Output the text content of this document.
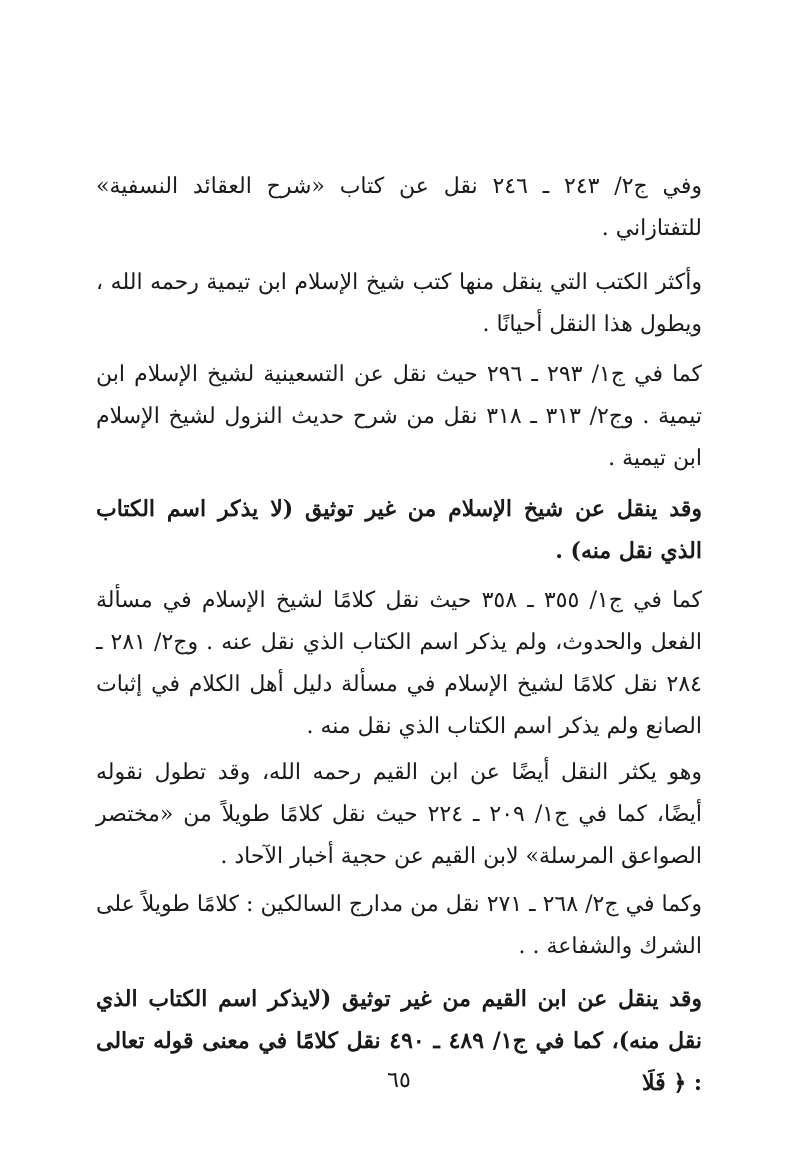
وفي ج٢/ ٢٤٣ ـ ٢٤٦ نقل عن كتاب «شرح العقائد النسفية» للتفتازاني .

وأكثر الكتب التي ينقل منها كتب شيخ الإسلام ابن تيمية رحمه الله ، ويطول هذا النقل أحيانًا .

كما في ج١/ ٢٩٣ ـ ٢٩٦ حيث نقل عن التسعينية لشيخ الإسلام ابن تيمية . وج٢/ ٣١٣ ـ ٣١٨ نقل من شرح حديث النزول لشيخ الإسلام ابن تيمية .

وقد ينقل عن شيخ الإسلام من غير توثيق (لا يذكر اسم الكتاب الذي نقل منه) .

كما في ج١/ ٣٥٥ ـ ٣٥٨ حيث نقل كلامًا لشيخ الإسلام في مسألة الفعل والحدوث، ولم يذكر اسم الكتاب الذي نقل عنه . وج٢/ ٢٨١ ـ ٢٨٤ نقل كلامًا لشيخ الإسلام في مسألة دليل أهل الكلام في إثبات الصانع ولم يذكر اسم الكتاب الذي نقل منه .

وهو يكثر النقل أيضًا عن ابن القيم رحمه الله، وقد تطول نقوله أيضًا، كما في ج١/ ٢٠٩ ـ ٢٢٤ حيث نقل كلامًا طويلاً من «مختصر الصواعق المرسلة» لابن القيم عن حجية أخبار الآحاد .

وكما في ج٢/ ٢٦٨ ـ ٢٧١ نقل من مدارج السالكين : كلامًا طويلاً على الشرك والشفاعة . .

وقد ينقل عن ابن القيم من غير توثيق (لايذكر اسم الكتاب الذي نقل منه)، كما في ج١/ ٤٨٩ ـ ٤٩٠ نقل كلامًا في معنى قوله تعالى : ﴿ فَلَا

٦٥
